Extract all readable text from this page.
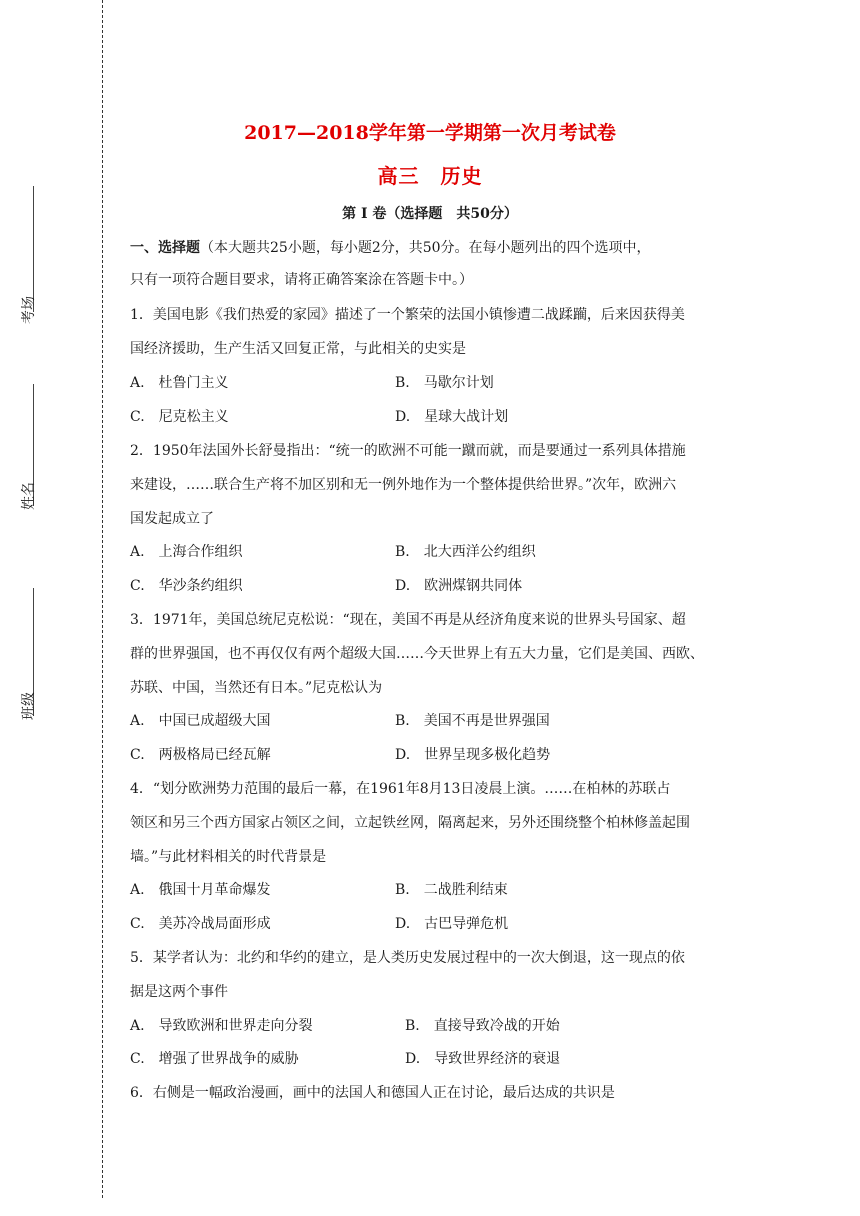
考场
姓名
班级
2017—2018学年第一学期第一次月考试卷
高三　历史
第 Ⅰ 卷（选择题　共50分）
一、选择题（本大题共25小题，每小题2分，共50分。在每小题列出的四个选项中，
只有一项符合题目要求，请将正确答案涂在答题卡中。）
1．美国电影《我们热爱的家园》描述了一个繁荣的法国小镇惨遭二战蹂躏，后来因获得美
国经济援助，生产生活又回复正常，与此相关的史实是
A.　杜鲁门主义	B.　马歇尔计划
C.　尼克松主义	D.　星球大战计划
2．1950年法国外长舒曼指出：“统一的欧洲不可能一蹴而就，而是要通过一系列具体措施
来建设，……联合生产将不加区别和无一例外地作为一个整体提供给世界。”次年，欧洲六
国发起成立了
A.　上海合作组织	B.　北大西洋公约组织
C.　华沙条约组织	D.　欧洲煤钢共同体
3．1971年，美国总统尼克松说：“现在，美国不再是从经济角度来说的世界头号国家、超
群的世界强国，也不再仅仅有两个超级大国……今天世界上有五大力量，它们是美国、西欧、
苏联、中国，当然还有日本。”尼克松认为
A.　中国已成超级大国	B.　美国不再是世界强国
C.　两极格局已经瓦解	D.　世界呈现多极化趋势
4．“划分欧洲势力范围的最后一幕，在1961年8月13日凌晨上演。……在柏林的苏联占
领区和另三个西方国家占领区之间，立起铁丝网，隔离起来，另外还围绕整个柏林修盖起围
墙。”与此材料相关的时代背景是
A.　俄国十月革命爆发	B.　二战胜利结束
C.　美苏冷战局面形成	D.　古巴导弹危机
5．某学者认为：北约和华约的建立，是人类历史发展过程中的一次大倒退，这一现点的依
据是这两个事件
A.　导致欧洲和世界走向分裂	B.　直接导致冷战的开始
C.　增强了世界战争的威胁	D.　导致世界经济的衰退
6．右侧是一幅政治漫画，画中的法国人和德国人正在讨论，最后达成的共识是
